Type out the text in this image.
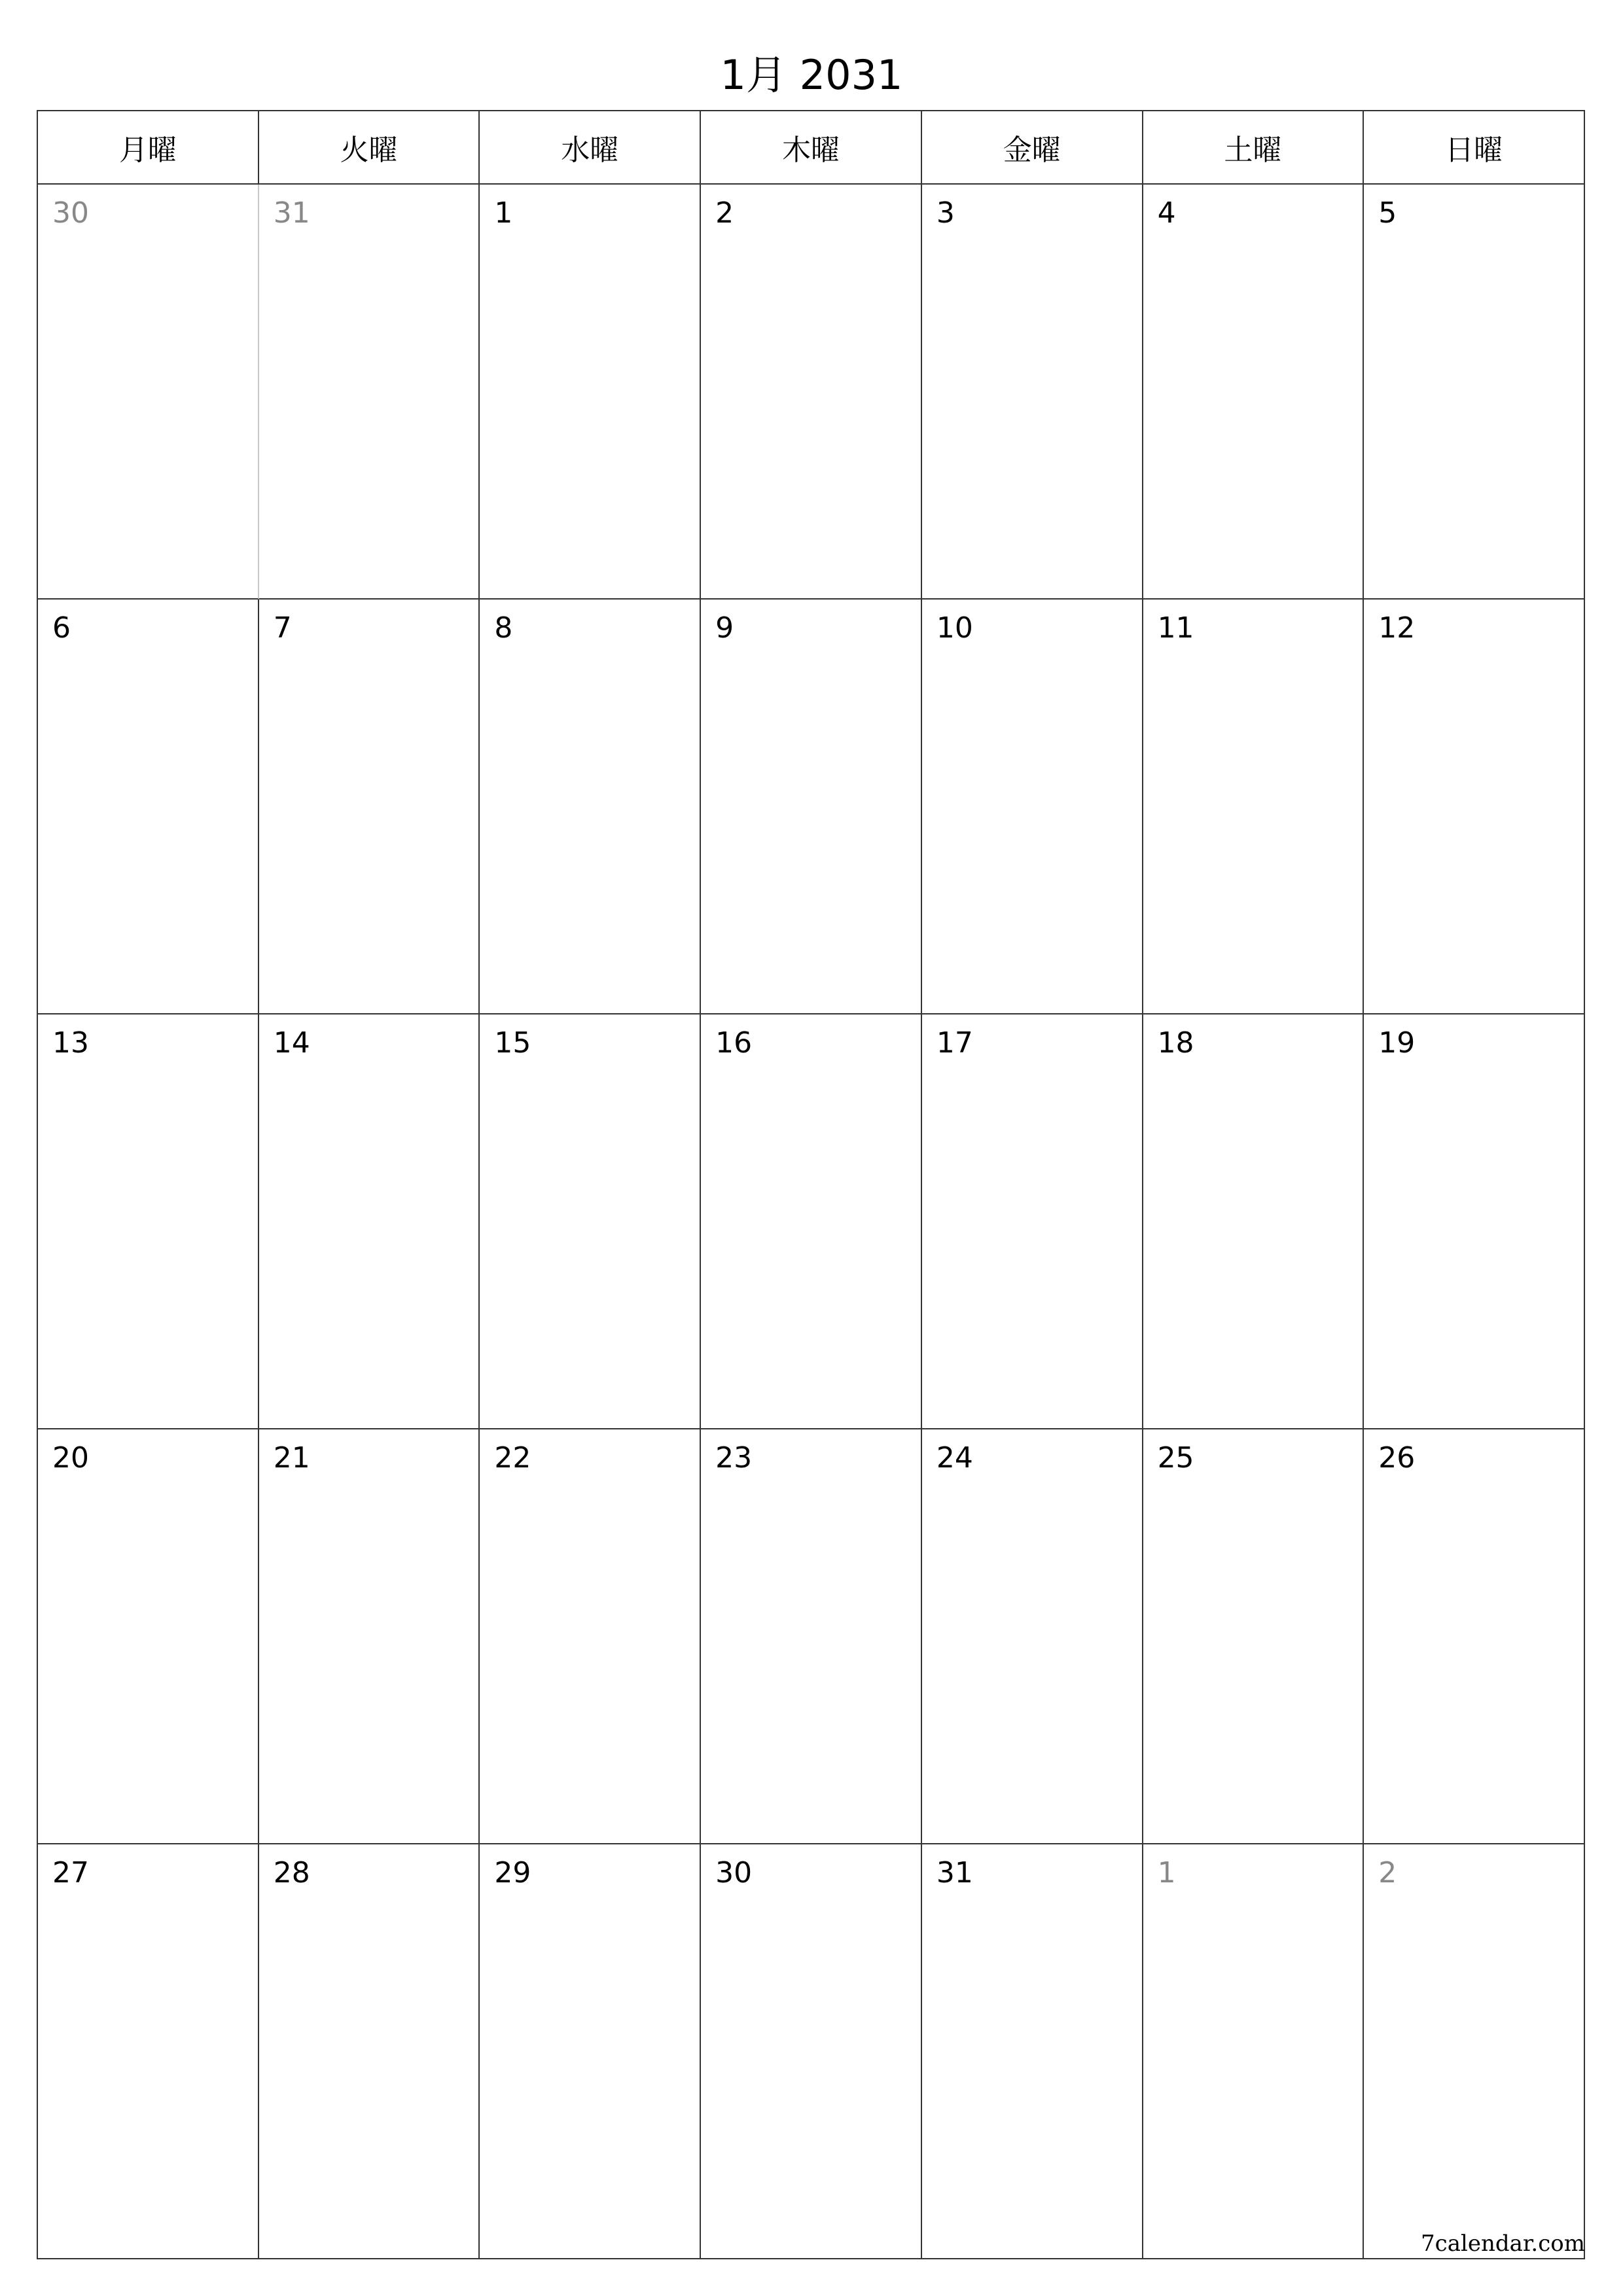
1月 2031
月曜	火曜	水曜	木曜	金曜	土曜	日曜
30	31	1	2	3	4	5
6	7	8	9	10	11	12
13	14	15	16	17	18	19
20	21	22	23	24	25	26
27	28	29	30	31	1	2
7calendar.com
